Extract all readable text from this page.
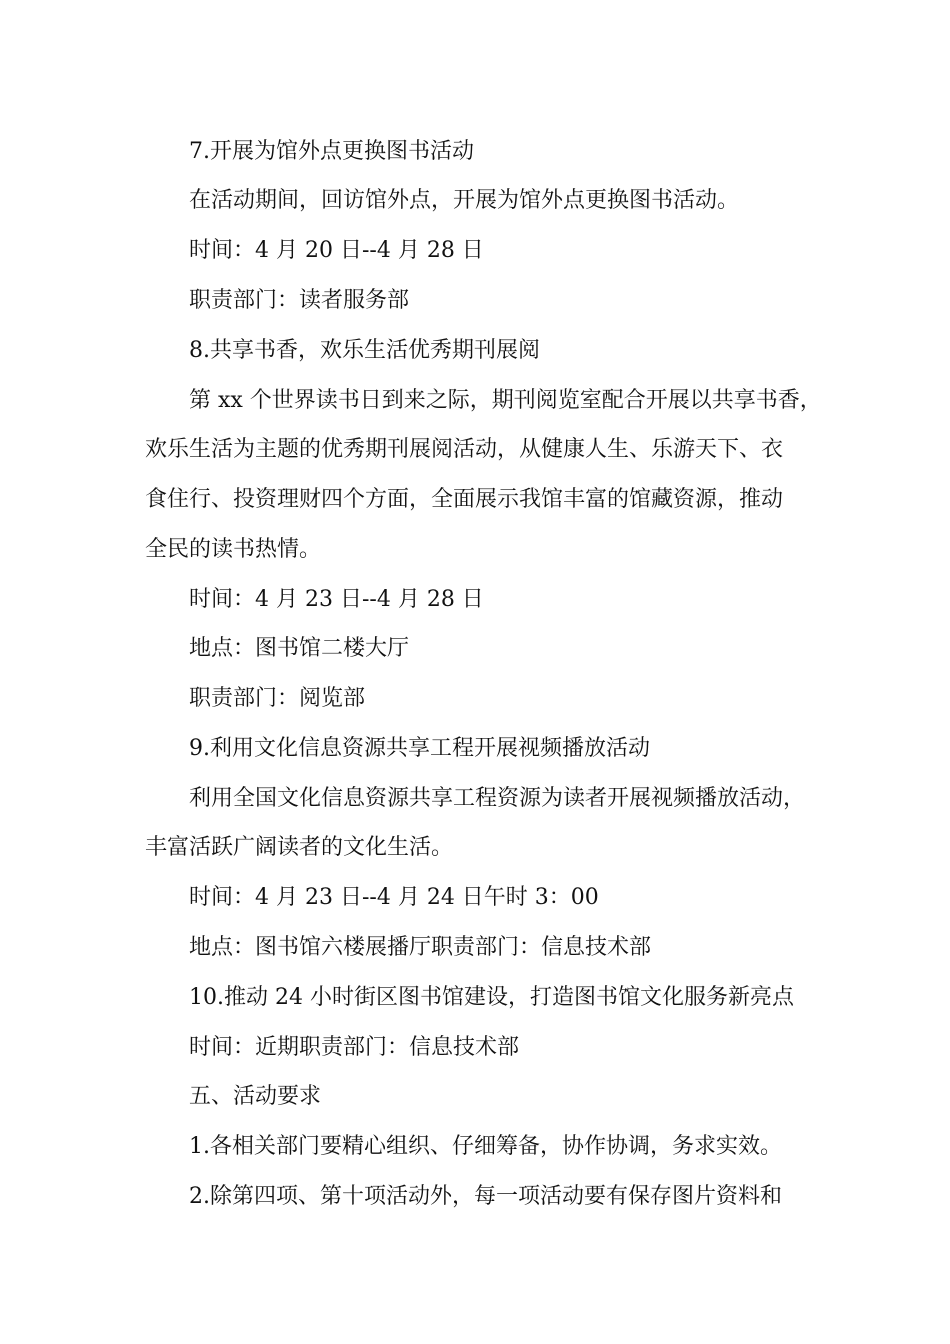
7.开展为馆外点更换图书活动
在活动期间，回访馆外点，开展为馆外点更换图书活动。
时间：4 月 20 日--4 月 28 日
职责部门：读者服务部
8.共享书香，欢乐生活优秀期刊展阅
第 xx 个世界读书日到来之际，期刊阅览室配合开展以共享书香，
欢乐生活为主题的优秀期刊展阅活动，从健康人生、乐游天下、衣
食住行、投资理财四个方面，全面展示我馆丰富的馆藏资源，推动
全民的读书热情。
时间：4 月 23 日--4 月 28 日
地点：图书馆二楼大厅
职责部门：阅览部
9.利用文化信息资源共享工程开展视频播放活动
利用全国文化信息资源共享工程资源为读者开展视频播放活动，
丰富活跃广阔读者的文化生活。
时间：4 月 23 日--4 月 24 日午时 3：00
地点：图书馆六楼展播厅职责部门：信息技术部
10.推动 24 小时街区图书馆建设，打造图书馆文化服务新亮点
时间：近期职责部门：信息技术部
五、活动要求
1.各相关部门要精心组织、仔细筹备，协作协调，务求实效。
2.除第四项、第十项活动外，每一项活动要有保存图片资料和
